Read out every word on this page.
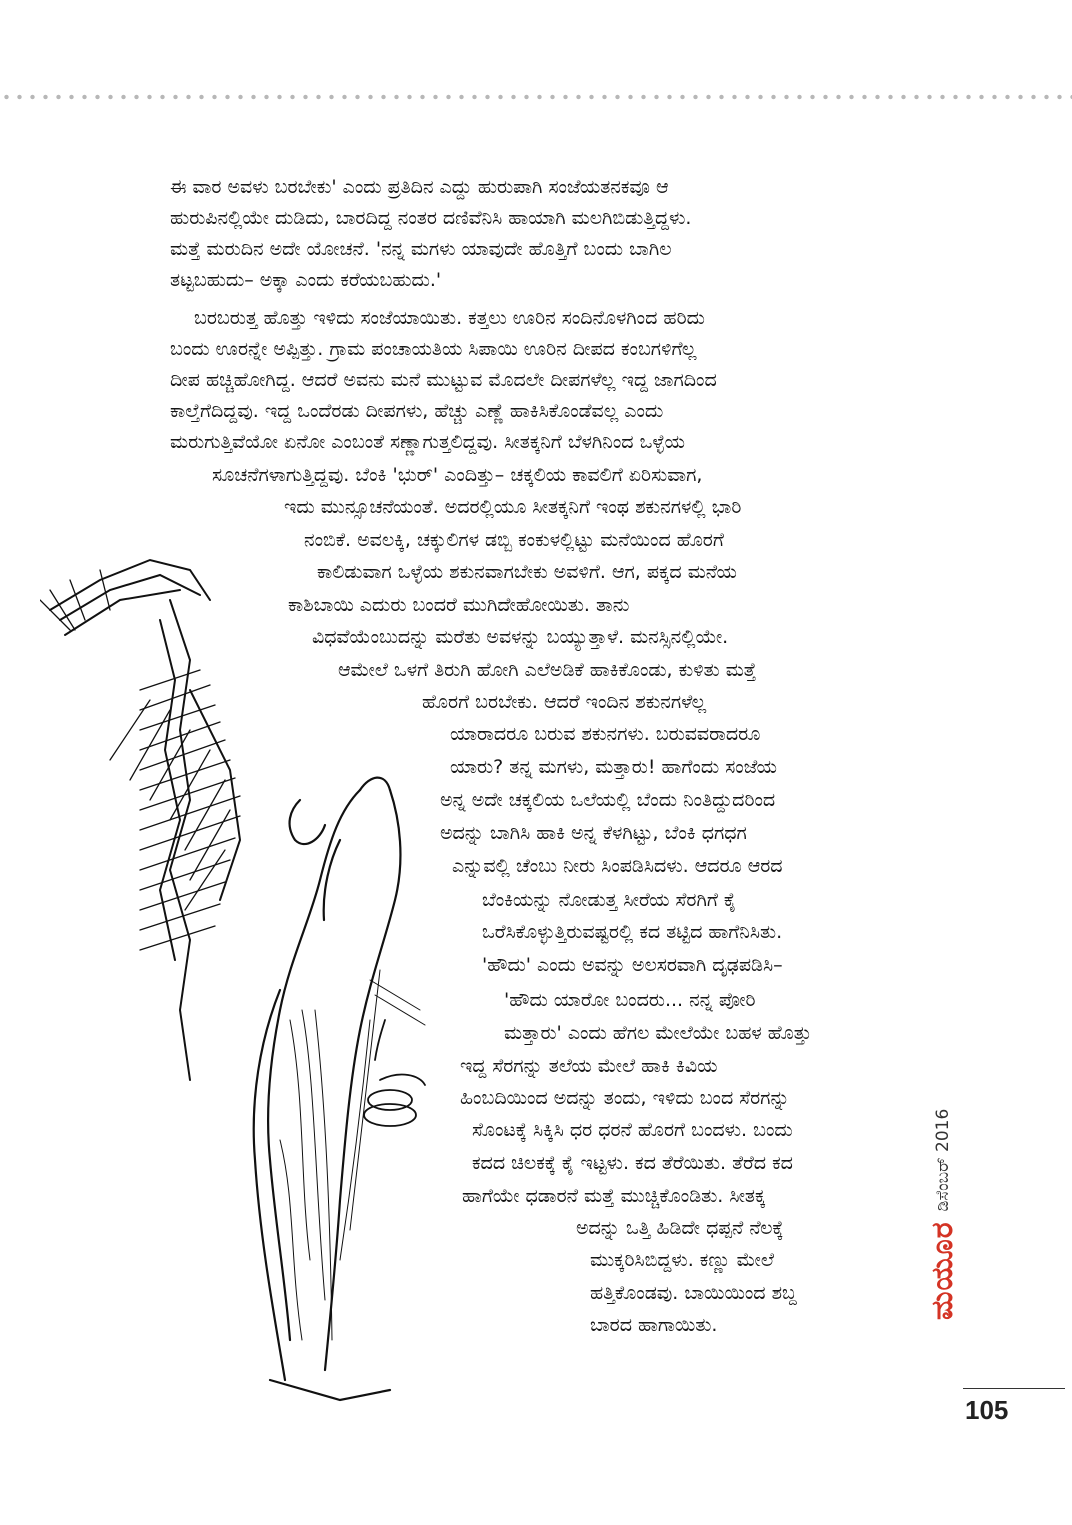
ಈ ವಾರ ಅವಳು ಬರಬೇಕು' ಎಂದು ಪ್ರತಿದಿನ ಎದ್ದು ಹುರುಪಾಗಿ ಸಂಜೆಯತನಕವೂ ಆ
ಹುರುಪಿನಲ್ಲಿಯೇ ದುಡಿದು, ಬಾರದಿದ್ದ ನಂತರ ದಣಿವೆನಿಸಿ ಹಾಯಾಗಿ ಮಲಗಿಬಿಡುತ್ತಿದ್ದಳು.
ಮತ್ತೆ ಮರುದಿನ ಅದೇ ಯೋಚನೆ. 'ನನ್ನ ಮಗಳು ಯಾವುದೇ ಹೊತ್ತಿಗೆ ಬಂದು ಬಾಗಿಲ
ತಟ್ಟಬಹುದು– ಅಕ್ಕಾ ಎಂದು ಕರೆಯಬಹುದು.'
ಬರಬರುತ್ತ ಹೊತ್ತು ಇಳಿದು ಸಂಜೆಯಾಯಿತು. ಕತ್ತಲು ಊರಿನ ಸಂದಿನೊಳಗಿಂದ ಹರಿದು
ಬಂದು ಊರನ್ನೇ ಅಪ್ಪಿತ್ತು. ಗ್ರಾಮ ಪಂಚಾಯತಿಯ ಸಿಪಾಯಿ ಊರಿನ ದೀಪದ ಕಂಬಗಳಿಗೆಲ್ಲ
ದೀಪ ಹಚ್ಚಿಹೋಗಿದ್ದ. ಆದರೆ ಅವನು ಮನೆ ಮುಟ್ಟುವ ಮೊದಲೇ ದೀಪಗಳೆಲ್ಲ ಇದ್ದ ಜಾಗದಿಂದ
ಕಾಲ್ತೆಗೆದಿದ್ದವು. ಇದ್ದ ಒಂದೆರಡು ದೀಪಗಳು, ಹೆಚ್ಚು ಎಣ್ಣೆ ಹಾಕಿಸಿಕೊಂಡೆವಲ್ಲ ಎಂದು
ಮರುಗುತ್ತಿವೆಯೋ ಏನೋ ಎಂಬಂತೆ ಸಣ್ಣಾಗುತ್ತಲಿದ್ದವು. ಸೀತಕ್ಕನಿಗೆ ಬೆಳಗಿನಿಂದ ಒಳ್ಳೆಯ
ಸೂಚನೆಗಳಾಗುತ್ತಿದ್ದವು. ಬೆಂಕಿ 'ಭುರ್' ಎಂದಿತ್ತು– ಚಕ್ಕಲಿಯ ಕಾವಲಿಗೆ ಏರಿಸುವಾಗ,
ಇದು ಮುನ್ಸೂಚನೆಯಂತೆ. ಅದರಲ್ಲಿಯೂ ಸೀತಕ್ಕನಿಗೆ ಇಂಥ ಶಕುನಗಳಲ್ಲಿ ಭಾರಿ
ನಂಬಿಕೆ. ಅವಲಕ್ಕಿ, ಚಕ್ಕುಲಿಗಳ ಡಬ್ಬಿ ಕಂಕುಳಲ್ಲಿಟ್ಟು ಮನೆಯಿಂದ ಹೊರಗೆ
ಕಾಲಿಡುವಾಗ ಒಳ್ಳೆಯ ಶಕುನವಾಗಬೇಕು ಅವಳಿಗೆ. ಆಗ, ಪಕ್ಕದ ಮನೆಯ
ಕಾಶಿಬಾಯಿ ಎದುರು ಬಂದರೆ ಮುಗಿದೇಹೋಯಿತು. ತಾನು
ವಿಧವೆಯೆಂಬುದನ್ನು ಮರೆತು ಅವಳನ್ನು ಬಯ್ಯುತ್ತಾಳೆ. ಮನಸ್ಸಿನಲ್ಲಿಯೇ.
ಆಮೇಲೆ ಒಳಗೆ ತಿರುಗಿ ಹೋಗಿ ಎಲೆಅಡಿಕೆ ಹಾಕಿಕೊಂಡು, ಕುಳಿತು ಮತ್ತೆ
ಹೊರಗೆ ಬರಬೇಕು. ಆದರೆ ಇಂದಿನ ಶಕುನಗಳೆಲ್ಲ
ಯಾರಾದರೂ ಬರುವ ಶಕುನಗಳು. ಬರುವವರಾದರೂ
ಯಾರು? ತನ್ನ ಮಗಳು, ಮತ್ತಾರು! ಹಾಗೆಂದು ಸಂಜೆಯ
ಅನ್ನ ಅದೇ ಚಕ್ಕಲಿಯ ಒಲೆಯಲ್ಲಿ ಬೆಂದು ನಿಂತಿದ್ದುದರಿಂದ
ಅದನ್ನು ಬಾಗಿಸಿ ಹಾಕಿ ಅನ್ನ ಕೆಳಗಿಟ್ಟು, ಬೆಂಕಿ ಧಗಧಗ
ಎನ್ನುವಲ್ಲಿ ಚೆಂಬು ನೀರು ಸಿಂಪಡಿಸಿದಳು. ಆದರೂ ಆರದ
ಬೆಂಕಿಯನ್ನು ನೋಡುತ್ತ ಸೀರೆಯ ಸೆರಗಿಗೆ ಕೈ
ಒರೆಸಿಕೊಳ್ಳುತ್ತಿರುವಷ್ಟರಲ್ಲಿ ಕದ ತಟ್ಟಿದ ಹಾಗೆನಿಸಿತು.
'ಹೌದು' ಎಂದು ಅವನ್ನು ಅಲಸರವಾಗಿ ದೃಢಪಡಿಸಿ–
'ಹೌದು ಯಾರೋ ಬಂದರು... ನನ್ನ ಪೋರಿ
ಮತ್ತಾರು' ಎಂದು ಹೆಗಲ ಮೇಲೆಯೇ ಬಹಳ ಹೊತ್ತು
ಇದ್ದ ಸೆರಗನ್ನು ತಲೆಯ ಮೇಲೆ ಹಾಕಿ ಕಿವಿಯ
ಹಿಂಬದಿಯಿಂದ ಅದನ್ನು ತಂದು, ಇಳಿದು ಬಂದ ಸೆರಗನ್ನು
ಸೊಂಟಕ್ಕೆ ಸಿಕ್ಕಿಸಿ ಧರ ಧರನೆ ಹೊರಗೆ ಬಂದಳು. ಬಂದು
ಕದದ ಚಿಲಕಕ್ಕೆ ಕೈ ಇಟ್ಟಳು. ಕದ ತೆರೆಯಿತು. ತೆರೆದ ಕದ
ಹಾಗೆಯೇ ಧಡಾರನೆ ಮತ್ತೆ ಮುಚ್ಚಿಕೊಂಡಿತು. ಸೀತಕ್ಕ
ಅದನ್ನು ಒತ್ತಿ ಹಿಡಿದೇ ಧಪ್ಪನೆ ನೆಲಕ್ಕೆ
ಮುಕ್ಕರಿಸಿಬಿದ್ದಳು. ಕಣ್ಣು ಮೇಲೆ
ಹತ್ತಿಕೊಂಡವು. ಬಾಯಿಯಿಂದ ಶಬ್ದ
ಬಾರದ ಹಾಗಾಯಿತು.
ಮಯೂರ
ಡಿಸೆಂಬರ್ 2016
105
